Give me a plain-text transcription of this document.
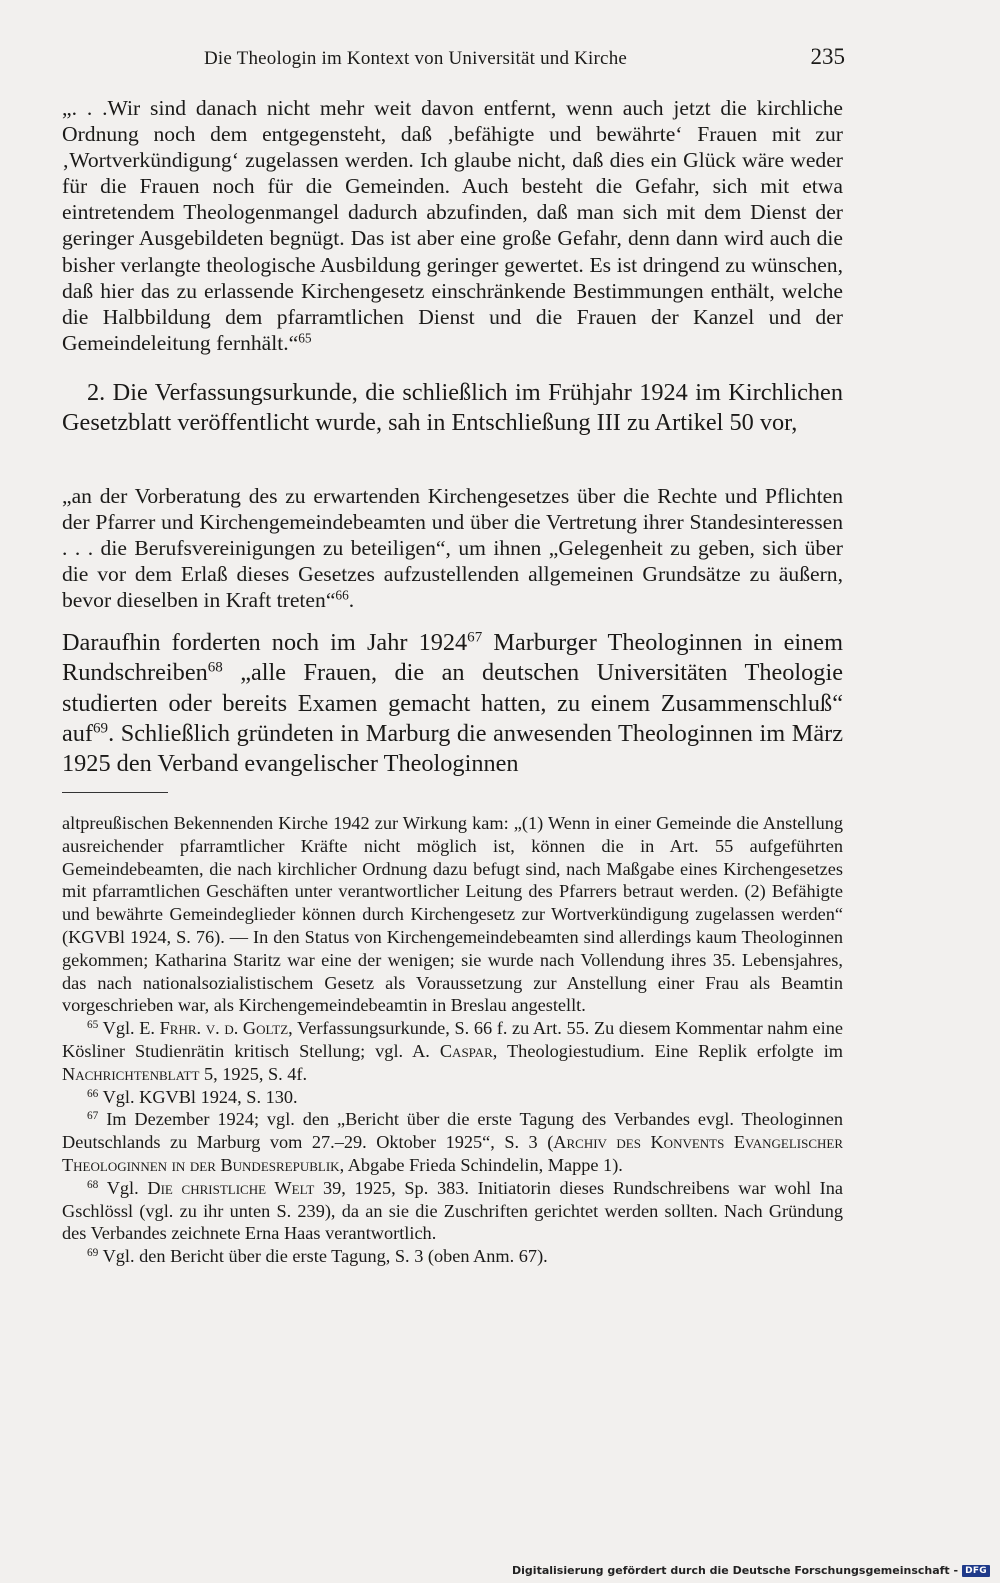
Die Theologin im Kontext von Universität und Kirche	235

„. . .Wir sind danach nicht mehr weit davon entfernt, wenn auch jetzt die kirchliche Ordnung noch dem entgegensteht, daß ‚befähigte und bewährte‘ Frauen mit zur ‚Wortverkündigung‘ zugelassen werden. Ich glaube nicht, daß dies ein Glück wäre weder für die Frauen noch für die Gemeinden. Auch besteht die Gefahr, sich mit etwa eintretendem Theologenmangel dadurch abzufinden, daß man sich mit dem Dienst der geringer Ausgebildeten begnügt. Das ist aber eine große Gefahr, denn dann wird auch die bisher verlangte theologische Ausbildung geringer gewertet. Es ist dringend zu wünschen, daß hier das zu erlassende Kirchengesetz einschränkende Bestimmungen enthält, welche die Halbbildung dem pfarramtlichen Dienst und die Frauen der Kanzel und der Gemeindeleitung fernhält.“$^{65}$

2. Die Verfassungsurkunde, die schließlich im Frühjahr 1924 im Kirchlichen Gesetzblatt veröffentlicht wurde, sah in Entschließung III zu Artikel 50 vor,

„an der Vorberatung des zu erwartenden Kirchengesetzes über die Rechte und Pflichten der Pfarrer und Kirchengemeindebeamten und über die Vertretung ihrer Standesinteressen . . . die Berufsvereinigungen zu beteiligen“, um ihnen „Gelegenheit zu geben, sich über die vor dem Erlaß dieses Gesetzes aufzustellenden allgemeinen Grundsätze zu äußern, bevor dieselben in Kraft treten“$^{66}$.

Daraufhin forderten noch im Jahr 1924$^{67}$ Marburger Theologinnen in einem Rundschreiben$^{68}$ „alle Frauen, die an deutschen Universitäten Theologie studierten oder bereits Examen gemacht hatten, zu einem Zusammenschluß“ auf$^{69}$. Schließlich gründeten in Marburg die anwesenden Theologinnen im März 1925 den Verband evangelischer Theologinnen

altpreußischen Bekennenden Kirche 1942 zur Wirkung kam: „(1) Wenn in einer Gemeinde die Anstellung ausreichender pfarramtlicher Kräfte nicht möglich ist, können die in Art. 55 aufgeführten Gemeindebeamten, die nach kirchlicher Ordnung dazu befugt sind, nach Maßgabe eines Kirchengesetzes mit pfarramtlichen Geschäften unter verantwortlicher Leitung des Pfarrers betraut werden. (2) Befähigte und bewährte Gemeindeglieder können durch Kirchengesetz zur Wortverkündigung zugelassen werden“ (KGVBl 1924, S. 76). — In den Status von Kirchengemeindebeamten sind allerdings kaum Theologinnen gekommen; Katharina Staritz war eine der wenigen; sie wurde nach Vollendung ihres 35. Lebensjahres, das nach nationalsozialistischem Gesetz als Voraussetzung zur Anstellung einer Frau als Beamtin vorgeschrieben war, als Kirchengemeindebeamtin in Breslau angestellt.

$^{65}$ Vgl. E. Frhr. v. d. Goltz, Verfassungsurkunde, S. 66 f. zu Art. 55. Zu diesem Kommentar nahm eine Kösliner Studienrätin kritisch Stellung; vgl. A. Caspar, Theologiestudium. Eine Replik erfolgte im Nachrichtenblatt 5, 1925, S. 4f.

$^{66}$ Vgl. KGVBl 1924, S. 130.

$^{67}$ Im Dezember 1924; vgl. den „Bericht über die erste Tagung des Verbandes evgl. Theologinnen Deutschlands zu Marburg vom 27.–29. Oktober 1925“, S. 3 (Archiv des Konvents Evangelischer Theologinnen in der Bundesrepublik, Abgabe Frieda Schindelin, Mappe 1).

$^{68}$ Vgl. Die christliche Welt 39, 1925, Sp. 383. Initiatorin dieses Rundschreibens war wohl Ina Gschlössl (vgl. zu ihr unten S. 239), da an sie die Zuschriften gerichtet werden sollten. Nach Gründung des Verbandes zeichnete Erna Haas verantwortlich.

$^{69}$ Vgl. den Bericht über die erste Tagung, S. 3 (oben Anm. 67).

Digitalisierung gefördert durch die Deutsche Forschungsgemeinschaft - DFG
